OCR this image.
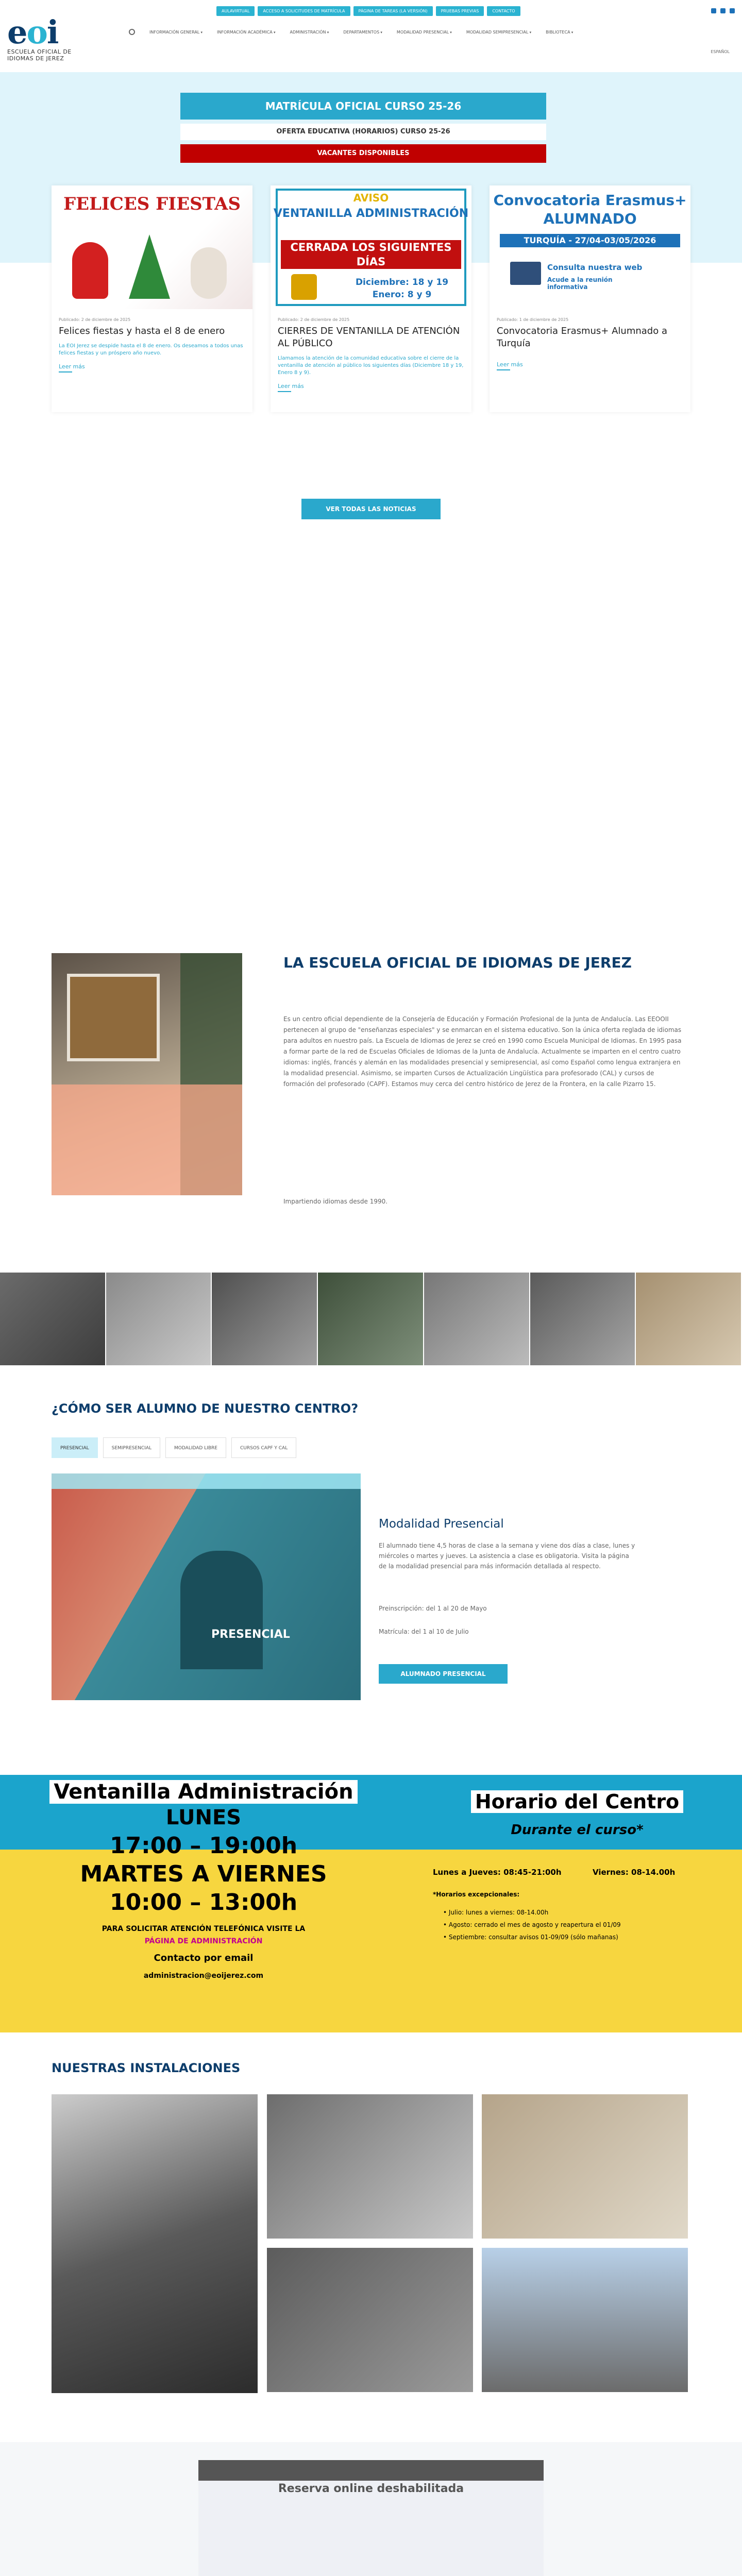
AULAVIRTUAL	ACCESO A SOLICITUDES DE MATRÍCULA	PÁGINA DE TAREAS (LA VERSIÓN)	PRUEBAS PREVIAS	CONTACTO
eoi
ESCUELA OFICIAL DE
IDIOMAS DE JEREZ
INFORMACIÓN GENERAL ▾	INFORMACIÓN ACADÉMICA ▾	ADMINISTRACIÓN ▾	DEPARTAMENTOS ▾	MODALIDAD PRESENCIAL ▾	MODALIDAD SEMIPRESENCIAL ▾	BIBLIOTECA ▾
ESPAÑOL
MATRÍCULA OFICIAL CURSO 25-26
OFERTA EDUCATIVA (HORARIOS) CURSO 25-26
VACANTES DISPONIBLES
FELICES FIESTAS
Publicado: 2 de diciembre de 2025
Felices fiestas y hasta el 8 de enero
La EOI Jerez se despide hasta el 8 de enero. Os deseamos a todos unas felices fiestas y un próspero año nuevo.
Leer más
AVISO
VENTANILLA ADMINISTRACIÓN
CERRADA LOS SIGUIENTES DÍAS
Diciembre: 18 y 19
Enero: 8 y 9
Publicado: 2 de diciembre de 2025
CIERRES DE VENTANILLA DE ATENCIÓN AL PÚBLICO
Llamamos la atención de la comunidad educativa sobre el cierre de la ventanilla de atención al público los siguientes días (Diciembre 18 y 19, Enero 8 y 9).
Leer más
Convocatoria Erasmus+
ALUMNADO
TURQUÍA - 27/04-03/05/2026
Consulta nuestra web
Acude a la reunión informativa
Publicado: 1 de diciembre de 2025
Convocatoria Erasmus+ Alumnado a Turquía
Leer más
VER TODAS LAS NOTICIAS
LA ESCUELA OFICIAL DE IDIOMAS DE JEREZ
Es un centro oficial dependiente de la Consejería de Educación y Formación Profesional de la Junta de Andalucía. Las EEOOII pertenecen al grupo de "enseñanzas especiales" y se enmarcan en el sistema educativo. Son la única oferta reglada de idiomas para adultos en nuestro país. La Escuela de Idiomas de Jerez se creó en 1990 como Escuela Municipal de Idiomas. En 1995 pasa a formar parte de la red de Escuelas Oficiales de Idiomas de la Junta de Andalucía. Actualmente se imparten en el centro cuatro idiomas: inglés, francés y alemán en las modalidades presencial y semipresencial, así como Español como lengua extranjera en la modalidad presencial. Asimismo, se imparten Cursos de Actualización Lingüística para profesorado (CAL) y cursos de formación del profesorado (CAPF). Estamos muy cerca del centro histórico de Jerez de la Frontera, en la calle Pizarro 15.
Impartiendo idiomas desde 1990.
¿CÓMO SER ALUMNO DE NUESTRO CENTRO?
PRESENCIAL	SEMIPRESENCIAL	MODALIDAD LIBRE	CURSOS CAPF Y CAL
PRESENCIAL
Modalidad Presencial
El alumnado tiene 4,5 horas de clase a la semana y viene dos días a clase, lunes y miércoles o martes y jueves. La asistencia a clase es obligatoria. Visita la página de la modalidad presencial para más información detallada al respecto.
Preinscripción: del 1 al 20 de Mayo
Matrícula: del 1 al 10 de Julio
ALUMNADO PRESENCIAL
Ventanilla Administración
LUNES
17:00 – 19:00h
MARTES A VIERNES
10:00 – 13:00h
PARA SOLICITAR ATENCIÓN TELEFÓNICA VISITE LA
PÁGINA DE ADMINISTRACIÓN
Contacto por email
administracion@eoijerez.com
Horario del Centro
Durante el curso*
Lunes a Jueves: 08:45-21:00h	Viernes: 08-14.00h
*Horarios excepcionales:
• Julio: lunes a viernes: 08-14.00h
• Agosto: cerrado el mes de agosto y reapertura el 01/09
• Septiembre: consultar avisos 01-09/09 (sólo mañanas)
NUESTRAS INSTALACIONES
Reserva online deshabilitada
